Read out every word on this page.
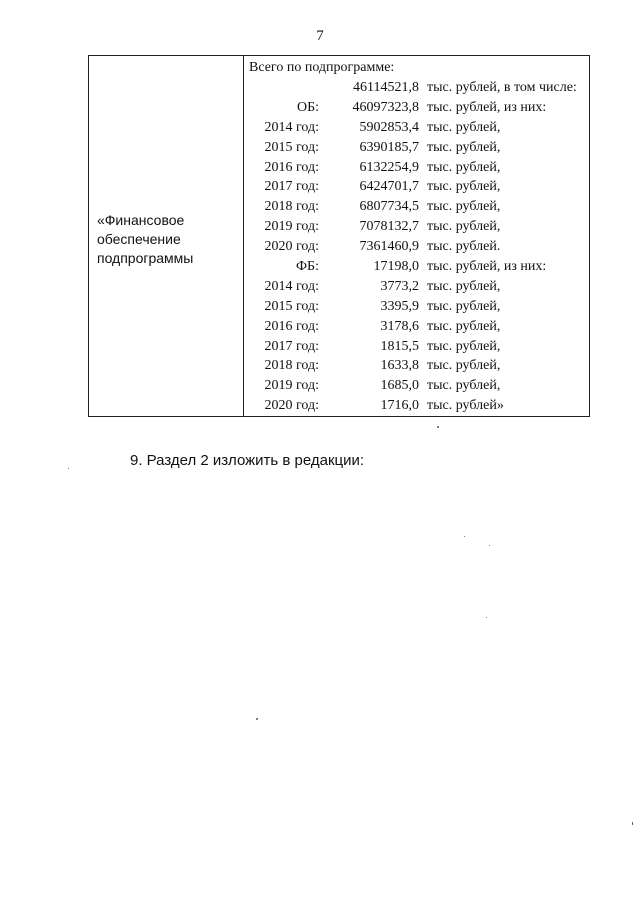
7
«Финансовое
обеспечение
подпрограммы
Всего по подпрограмме:
46114521,8 тыс. рублей, в том числе:
ОБ: 46097323,8 тыс. рублей, из них:
2014 год:	5902853,4 тыс. рублей,
2015 год:	6390185,7 тыс. рублей,
2016 год:	6132254,9 тыс. рублей,
2017 год:	6424701,7 тыс. рублей,
2018 год:	6807734,5 тыс. рублей,
2019 год:	7078132,7 тыс. рублей,
2020 год:	7361460,9 тыс. рублей.
ФБ:	17198,0 тыс. рублей, из них:
2014 год:	3773,2 тыс. рублей,
2015 год:	3395,9 тыс. рублей,
2016 год:	3178,6 тыс. рублей,
2017 год:	1815,5 тыс. рублей,
2018 год:	1633,8 тыс. рублей,
2019 год:	1685,0 тыс. рублей,
2020 год:	1716,0 тыс. рублей»
9. Раздел 2 изложить в редакции:
